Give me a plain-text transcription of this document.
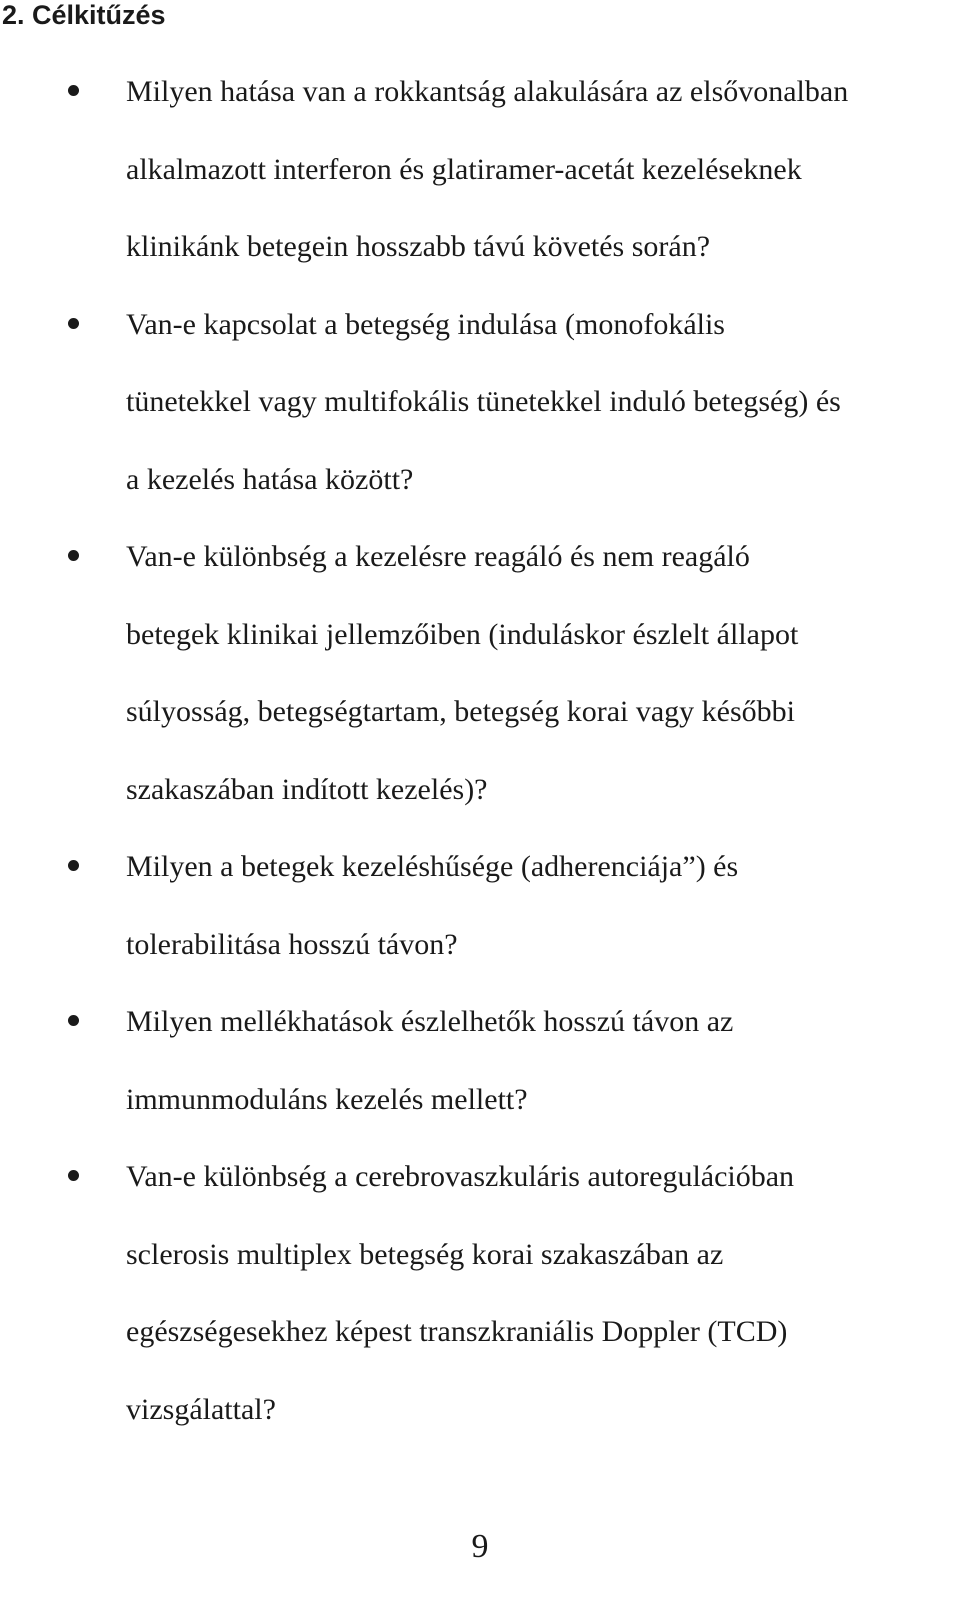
2. Célkitűzés
Milyen hatása van a rokkantság alakulására az elsővonalban
alkalmazott interferon és glatiramer-acetát kezeléseknek
klinikánk betegein hosszabb távú követés során?
Van-e kapcsolat a betegség indulása (monofokális
tünetekkel vagy multifokális tünetekkel induló betegség) és
a kezelés hatása között?
Van-e különbség a kezelésre reagáló és nem reagáló
betegek klinikai jellemzőiben (induláskor észlelt állapot
súlyosság, betegségtartam, betegség korai vagy későbbi
szakaszában indított kezelés)?
Milyen a betegek kezeléshűsége (adherenciája”) és
tolerabilitása hosszú távon?
Milyen mellékhatások észlelhetők hosszú távon az
immunmoduláns kezelés mellett?
Van-e különbség a cerebrovaszkuláris autoregulációban
sclerosis multiplex betegség korai szakaszában az
egészségesekhez képest transzkraniális Doppler (TCD)
vizsgálattal?
9
